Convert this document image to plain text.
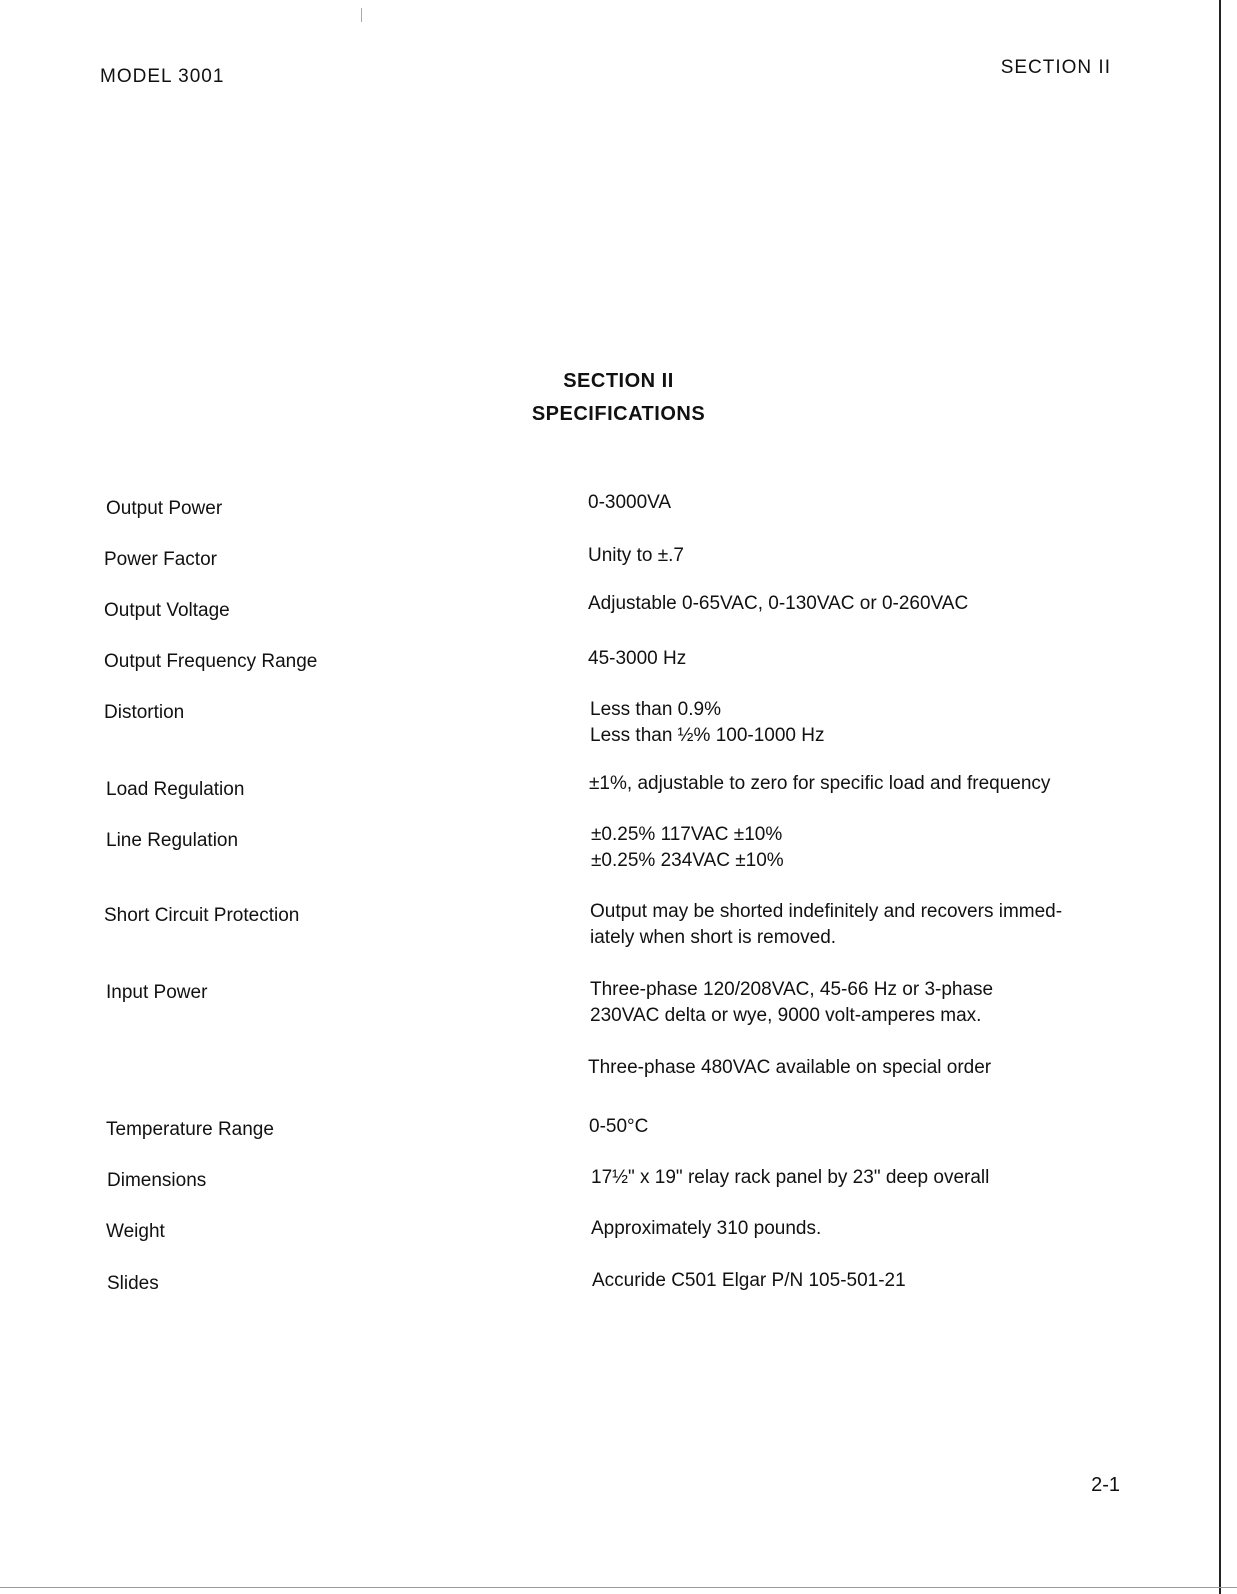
MODEL 3001	SECTION II
SECTION II
SPECIFICATIONS
Output Power	0-3000VA
Power Factor	Unity to ±.7
Output Voltage	Adjustable 0-65VAC, 0-130VAC or 0-260VAC
Output Frequency Range	45-3000 Hz
Distortion	Less than 0.9%
Less than ½% 100-1000 Hz
Load Regulation	±1%, adjustable to zero for specific load and frequency
Line Regulation	±0.25% 117VAC ±10%
±0.25% 234VAC ±10%
Short Circuit Protection	Output may be shorted indefinitely and recovers immed-
iately when short is removed.
Input Power	Three-phase 120/208VAC, 45-66 Hz or 3-phase
230VAC delta or wye, 9000 volt-amperes max.
Three-phase 480VAC available on special order
Temperature Range	0-50°C
Dimensions	17½" x 19" relay rack panel by 23" deep overall
Weight	Approximately 310 pounds.
Slides	Accuride C501 Elgar P/N 105-501-21
2-1
